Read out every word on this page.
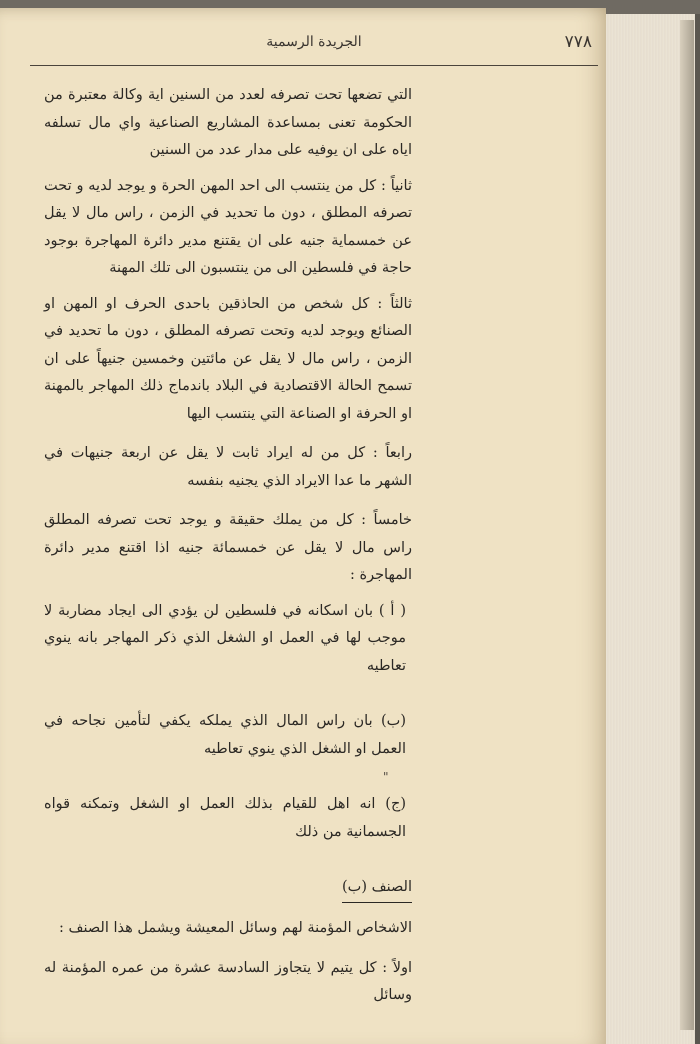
الجريدة الرسمية	٧٧٨

التي تضعها تحت تصرفه لعدد من السنين اية وكالة معتبرة من الحكومة تعنى بمساعدة المشاريع الصناعية واي مال تسلفه اياه على ان يوفيه على مدار عدد من السنين

ثانياً : كل من ينتسب الى احد المهن الحرة و يوجد لديه و تحت تصرفه المطلق ، دون ما تحديد في الزمن ، راس مال لا يقل عن خمسماية جنيه على ان يقتنع مدير دائرة المهاجرة بوجود حاجة في فلسطين الى من ينتسبون الى تلك المهنة

ثالثاً : كل شخص من الحاذقين باحدى الحرف او المهن او الصنائع ويوجد لديه وتحت تصرفه المطلق ، دون ما تحديد في الزمن ، راس مال لا يقل عن مائتين وخمسين جنيهاً على ان تسمح الحالة الاقتصادية في البلاد باندماج ذلك المهاجر بالمهنة او الحرفة او الصناعة التي ينتسب اليها

رابعاً : كل من له ايراد ثابت لا يقل عن اربعة جنيهات في الشهر ما عدا الايراد الذي يجنيه بنفسه

خامساً : كل من يملك حقيقة و يوجد تحت تصرفه المطلق راس مال لا يقل عن خمسمائة جنيه اذا اقتنع مدير دائرة المهاجرة :

( أ ) بان اسكانه في فلسطين لن يؤدي الى ايجاد مضاربة لا موجب لها في العمل او الشغل الذي ذكر المهاجر بانه ينوي تعاطيه

(ب) بان راس المال الذي يملكه يكفي لتأمين نجاحه في العمل او الشغل الذي ينوي تعاطيه

(ج) انه اهل للقيام بذلك العمل او الشغل وتمكنه قواه الجسمانية من ذلك

الصنف (ب)

الاشخاص المؤمنة لهم وسائل المعيشة ويشمل هذا الصنف :

اولاً : كل يتيم لا يتجاوز السادسة عشرة من عمره المؤمنة له وسائل

"
